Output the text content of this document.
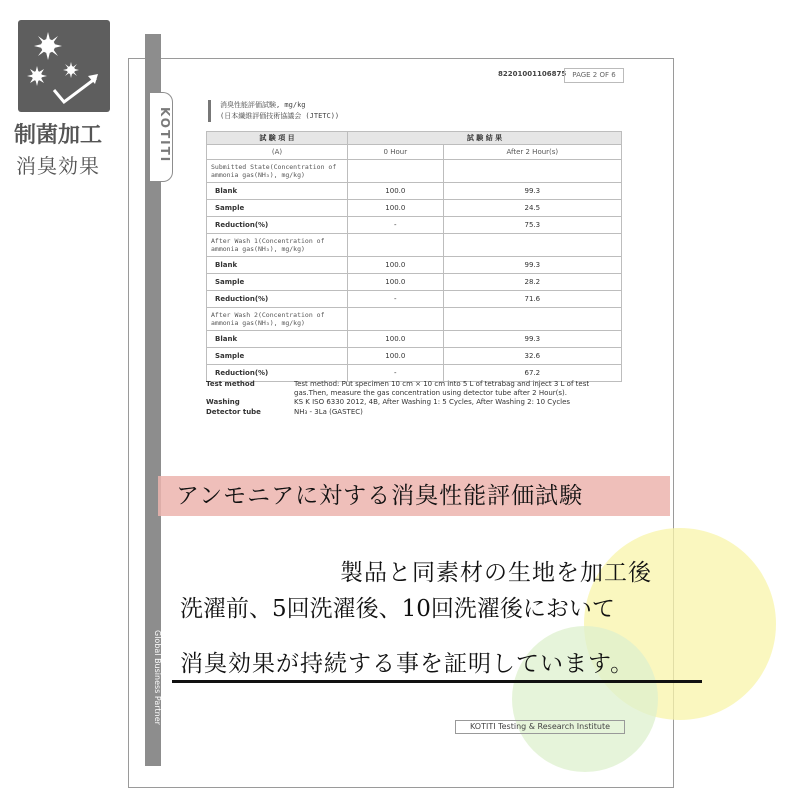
制菌加工
消臭効果
KOTITI
Global Business Partner
82201001106875 PAGE 2 OF 6
消臭性能評価試験, mg/kg
(日本繊維評価技術協議会 (JTETC))
試 験 項 目	試 験 結 果	
(A)	0 Hour	After 2 Hour(s)
Submitted State(Concentration of ammonia gas(NH₃), mg/kg)		
Blank	100.0	99.3
Sample	100.0	24.5
Reduction(%)	-	75.3
After Wash 1(Concentration of ammonia gas(NH₃), mg/kg)		
Blank	100.0	99.3
Sample	100.0	28.2
Reduction(%)	-	71.6
After Wash 2(Concentration of ammonia gas(NH₃), mg/kg)		
Blank	100.0	99.3
Sample	100.0	32.6
Reduction(%)	-	67.2
Test method	Test method: Put specimen 10 cm × 10 cm into 5 L of tetrabag and inject 3 L of test gas.Then, measure the gas concentration using detector tube after 2 Hour(s).
Washing	KS K ISO 6330 2012, 4B, After Washing 1: 5 Cycles, After Washing 2: 10 Cycles
Detector tube	NH₃ - 3La (GASTEC)
KOTITI Testing & Research Institute
アンモニアに対する消臭性能評価試験
製品と同素材の生地を加工後
洗濯前、5回洗濯後、10回洗濯後において
消臭効果が持続する事を証明しています。
